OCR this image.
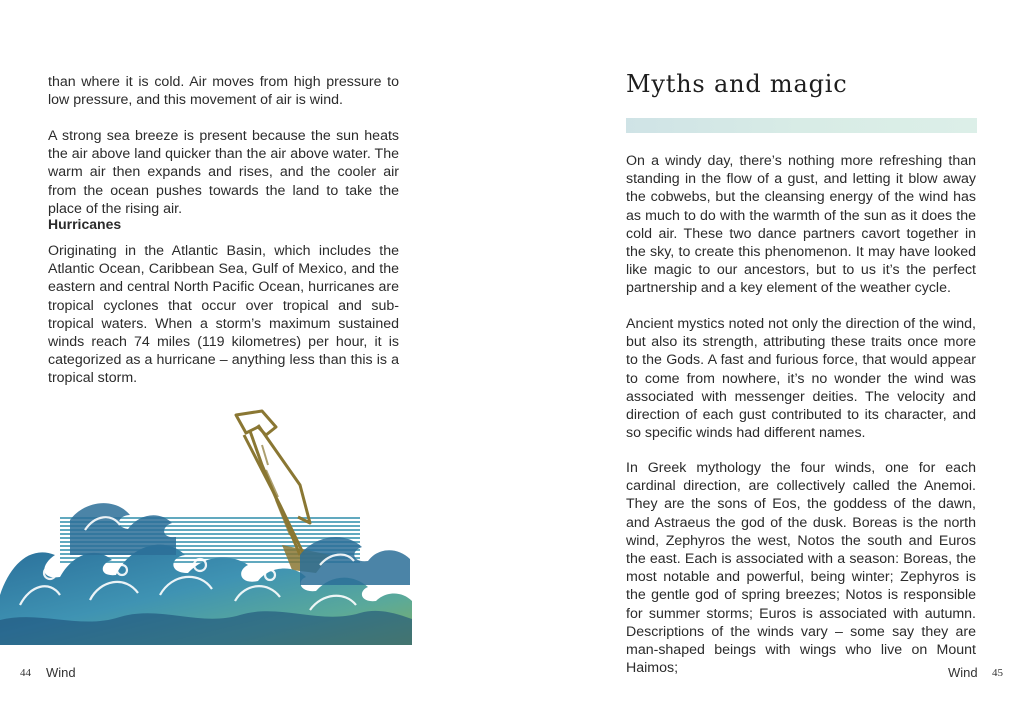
than where it is cold. Air moves from high pressure to low pressure, and this movement of air is wind.

A strong sea breeze is present because the sun heats the air above land quicker than the air above water. The warm air then expands and rises, and the cooler air from the ocean pushes towards the land to take the place of the rising air.

Hurricanes

Originating in the Atlantic Basin, which includes the Atlantic Ocean, Caribbean Sea, Gulf of Mexico, and the eastern and central North Pacific Ocean, hurricanes are tropical cyclones that occur over tropical and sub-tropical waters. When a storm’s maximum sustained winds reach 74 miles (119 kilometres) per hour, it is categorized as a hurricane – anything less than this is a tropical storm.

44 Wind
Myths and magic

On a windy day, there’s nothing more refreshing than standing in the flow of a gust, and letting it blow away the cobwebs, but the cleansing energy of the wind has as much to do with the warmth of the sun as it does the cold air. These two dance partners cavort together in the sky, to create this phenomenon. It may have looked like magic to our ancestors, but to us it’s the perfect partnership and a key element of the weather cycle.

Ancient mystics noted not only the direction of the wind, but also its strength, attributing these traits once more to the Gods. A fast and furious force, that would appear to come from nowhere, it’s no wonder the wind was associated with messenger deities. The velocity and direction of each gust contributed to its character, and so specific winds had different names.

In Greek mythology the four winds, one for each cardinal direction, are collectively called the Anemoi. They are the sons of Eos, the goddess of the dawn, and Astraeus the god of the dusk. Boreas is the north wind, Zephyros the west, Notos the south and Euros the east. Each is associated with a season: Boreas, the most notable and powerful, being winter; Zephyros is the gentle god of spring breezes; Notos is responsible for summer storms; Euros is associated with autumn. Descriptions of the winds vary – some say they are man-shaped beings with wings who live on Mount Haimos;	Wind 45
